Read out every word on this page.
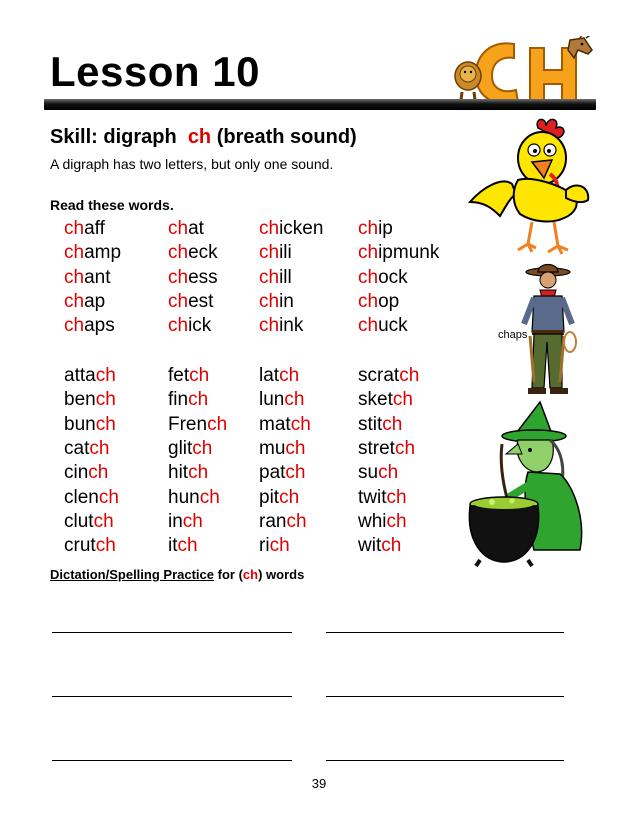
Lesson 10
Skill: digraph ch (breath sound)
A digraph has two letters, but only one sound.
Read these words.
chaff
champ
chant
chap
chaps
chat
check
chess
chest
chick
chicken
chili
chill
chin
chink
chip
chipmunk
chock
chop
chuck
attach
bench
bunch
catch
cinch
clench
clutch
crutch
fetch
finch
French
glitch
hitch
hunch
inch
itch
latch
lunch
match
much
patch
pitch
ranch
rich
scratch
sketch
stitch
stretch
such
twitch
which
witch
Dictation/Spelling Practice for (ch) words
39
chaps
